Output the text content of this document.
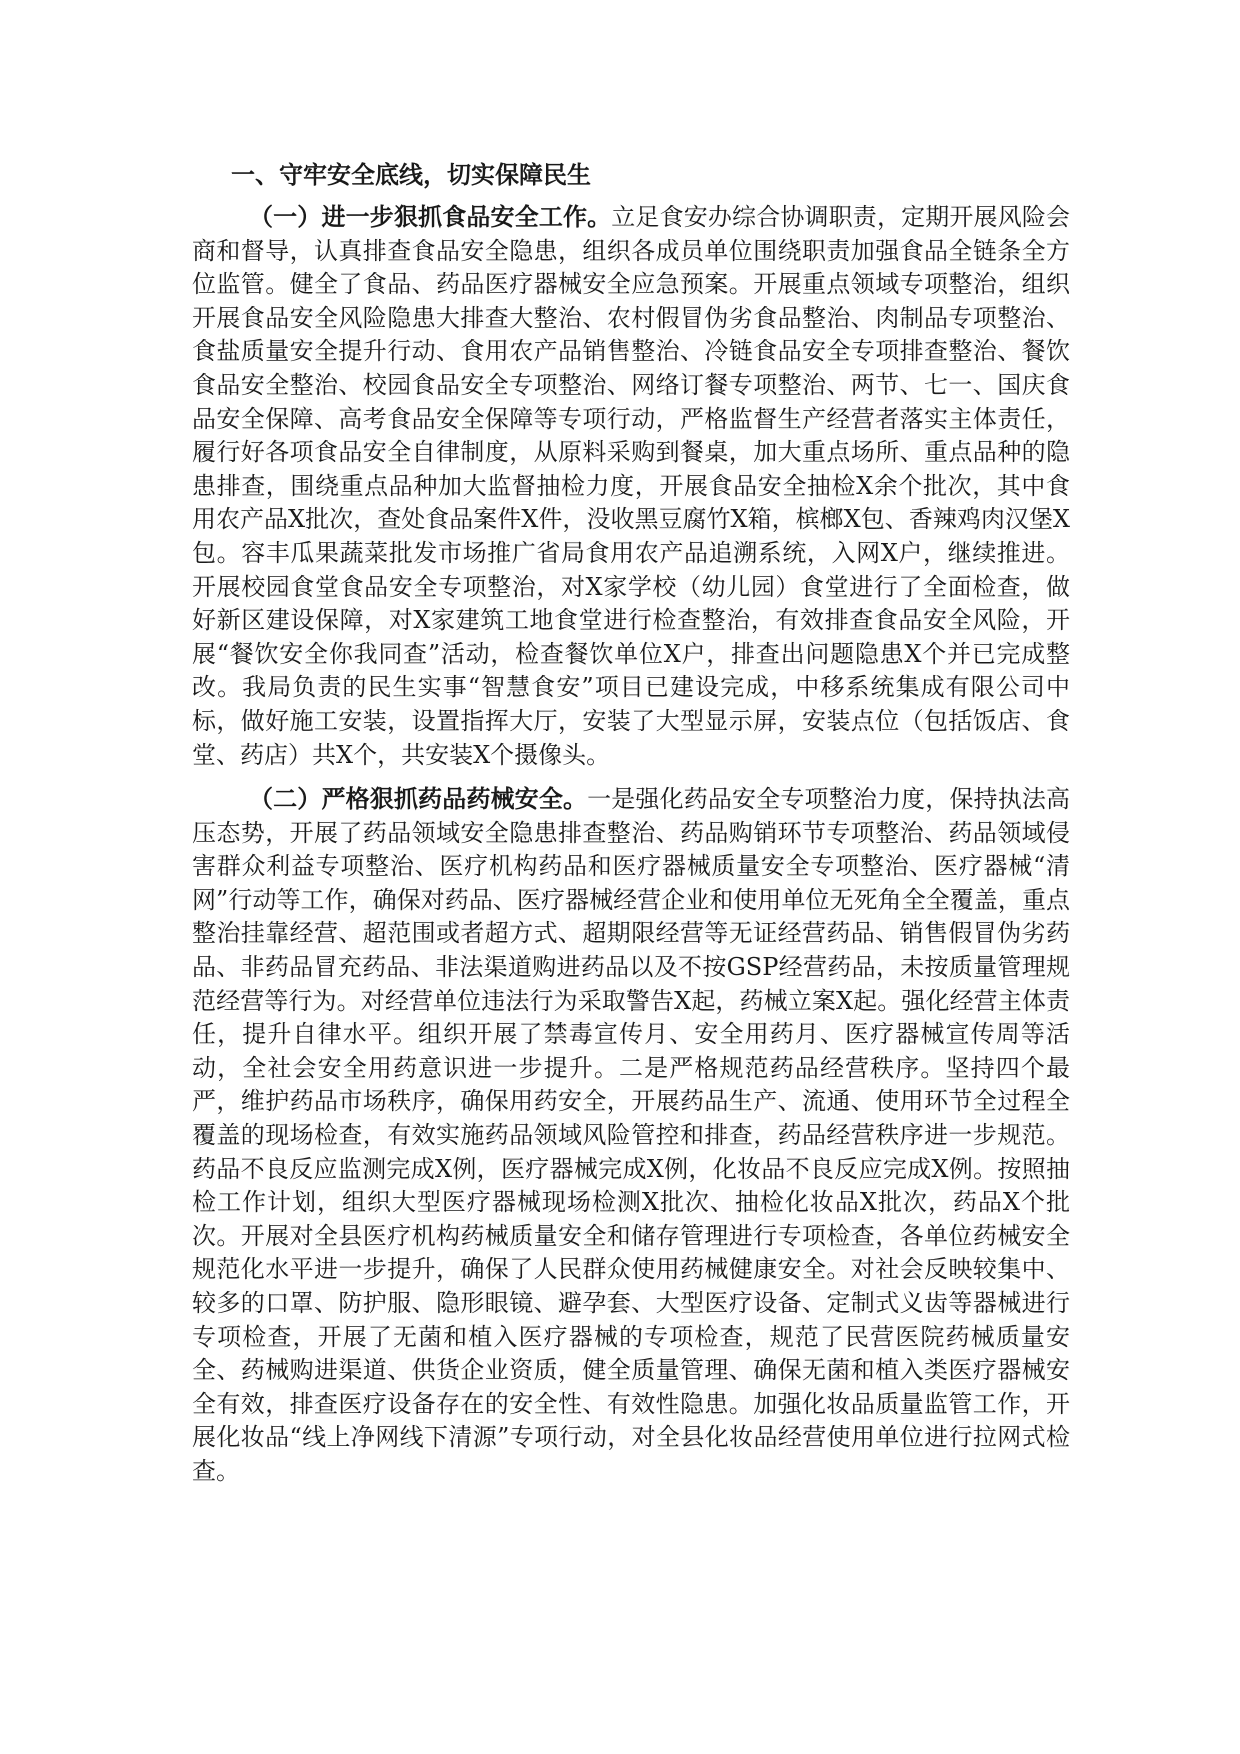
一、守牢安全底线，切实保障民生

（一）进一步狠抓食品安全工作。立足食安办综合协调职责，定期开展风险会商和督导，认真排查食品安全隐患，组织各成员单位围绕职责加强食品全链条全方位监管。健全了食品、药品医疗器械安全应急预案。开展重点领域专项整治，组织开展食品安全风险隐患大排查大整治、农村假冒伪劣食品整治、肉制品专项整治、食盐质量安全提升行动、食用农产品销售整治、冷链食品安全专项排查整治、餐饮食品安全整治、校园食品安全专项整治、网络订餐专项整治、两节、七一、国庆食品安全保障、高考食品安全保障等专项行动，严格监督生产经营者落实主体责任，履行好各项食品安全自律制度，从原料采购到餐桌，加大重点场所、重点品种的隐患排查，围绕重点品种加大监督抽检力度，开展食品安全抽检X余个批次，其中食用农产品X批次，查处食品案件X件，没收黑豆腐竹X箱，槟榔X包、香辣鸡肉汉堡X包。容丰瓜果蔬菜批发市场推广省局食用农产品追溯系统，入网X户，继续推进。 开展校园食堂食品安全专项整治，对X家学校（幼儿园）食堂进行了全面检查，做好新区建设保障，对X家建筑工地食堂进行检查整治，有效排查食品安全风险，开展“餐饮安全你我同查”活动，检查餐饮单位X户，排查出问题隐患X个并已完成整改。我局负责的民生实事“智慧食安”项目已建设完成，中移系统集成有限公司中标，做好施工安装，设置指挥大厅，安装了大型显示屏，安装点位（包括饭店、食堂、药店）共X个，共安装X个摄像头。

（二）严格狠抓药品药械安全。一是强化药品安全专项整治力度，保持执法高压态势，开展了药品领域安全隐患排查整治、药品购销环节专项整治、药品领域侵害群众利益专项整治、医疗机构药品和医疗器械质量安全专项整治、医疗器械“清网”行动等工作，确保对药品、医疗器械经营企业和使用单位无死角全全覆盖，重点整治挂靠经营、超范围或者超方式、超期限经营等无证经营药品、销售假冒伪劣药品、非药品冒充药品、非法渠道购进药品以及不按GSP经营药品，未按质量管理规范经营等行为。对经营单位违法行为采取警告X起，药械立案X起。强化经营主体责任，提升自律水平。组织开展了禁毒宣传月、安全用药月、医疗器械宣传周等活动，全社会安全用药意识进一步提升。二是严格规范药品经营秩序。坚持四个最严，维护药品市场秩序，确保用药安全，开展药品生产、流通、使用环节全过程全覆盖的现场检查，有效实施药品领域风险管控和排查，药品经营秩序进一步规范。药品不良反应监测完成X例，医疗器械完成X例，化妆品不良反应完成X例。按照抽检工作计划，组织大型医疗器械现场检测X批次、抽检化妆品X批次，药品X个批次。开展对全县医疗机构药械质量安全和储存管理进行专项检查，各单位药械安全规范化水平进一步提升，确保了人民群众使用药械健康安全。对社会反映较集中、较多的口罩、防护服、隐形眼镜、避孕套、大型医疗设备、定制式义齿等器械进行专项检查，开展了无菌和植入医疗器械的专项检查，规范了民营医院药械质量安全、药械购进渠道、供货企业资质，健全质量管理、确保无菌和植入类医疗器械安全有效，排查医疗设备存在的安全性、有效性隐患。加强化妆品质量监管工作，开展化妆品“线上净网线下清源”专项行动，对全县化妆品经营使用单位进行拉网式检查。
